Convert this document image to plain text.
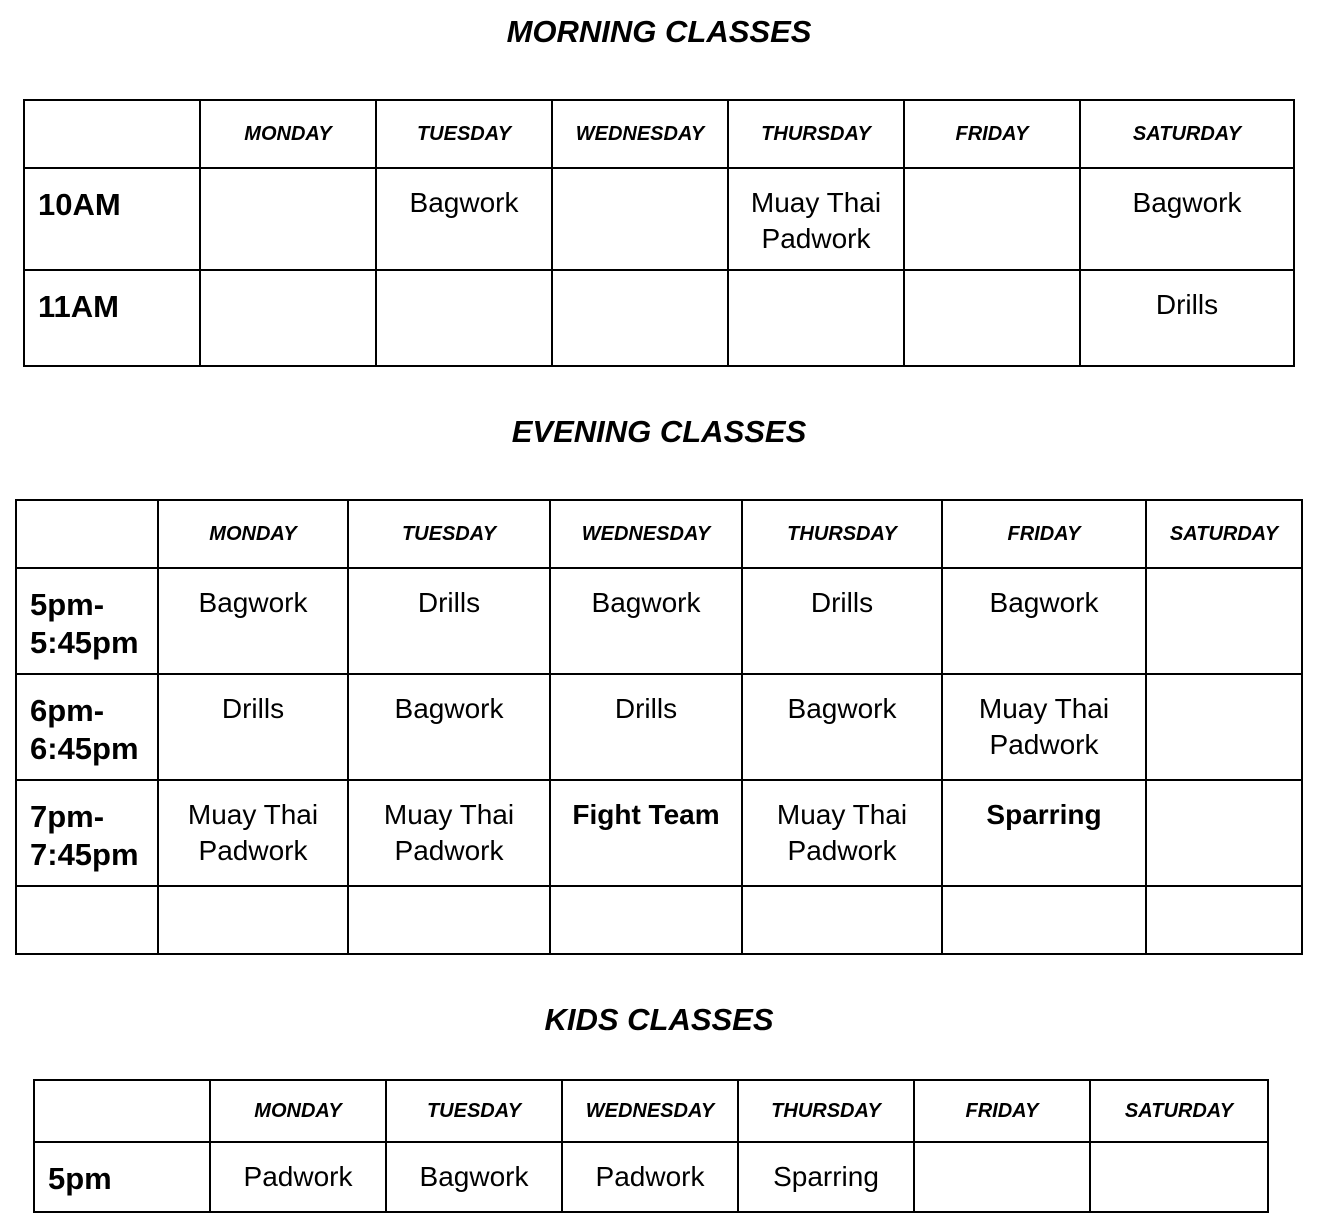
MORNING CLASSES
	MONDAY	TUESDAY	WEDNESDAY	THURSDAY	FRIDAY	SATURDAY
10AM		Bagwork		Muay Thai Padwork		Bagwork
11AM						Drills
EVENING CLASSES
	MONDAY	TUESDAY	WEDNESDAY	THURSDAY	FRIDAY	SATURDAY
5pm-5:45pm	Bagwork	Drills	Bagwork	Drills	Bagwork	
6pm-6:45pm	Drills	Bagwork	Drills	Bagwork	Muay Thai Padwork	
7pm-7:45pm	Muay Thai Padwork	Muay Thai Padwork	Fight Team	Muay Thai Padwork	Sparring	

KIDS CLASSES
	MONDAY	TUESDAY	WEDNESDAY	THURSDAY	FRIDAY	SATURDAY
5pm	Padwork	Bagwork	Padwork	Sparring		
